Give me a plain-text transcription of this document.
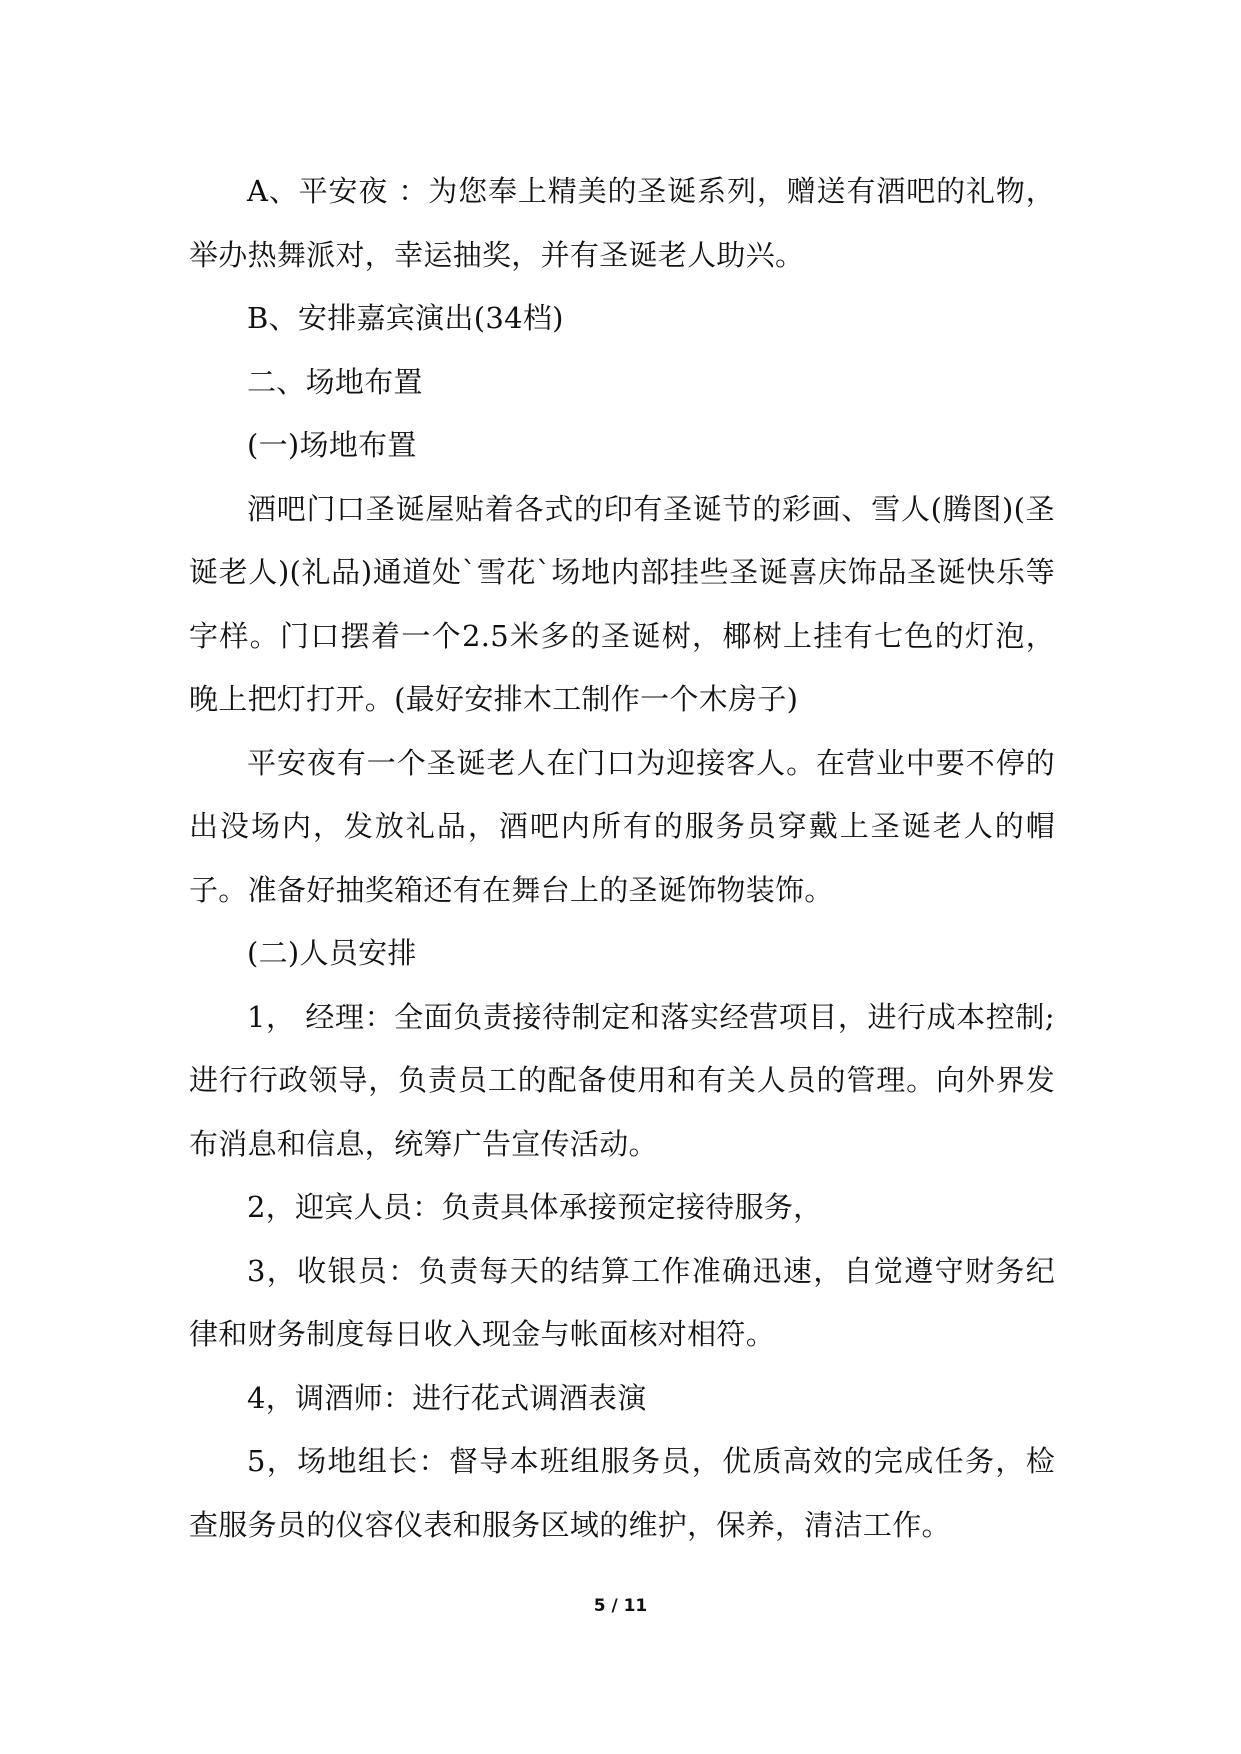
A、平安夜 ：为您奉上精美的圣诞系列，赠送有酒吧的礼物，举办热舞派对，幸运抽奖，并有圣诞老人助兴。

B、安排嘉宾演出(34档)

二、场地布置

(一)场地布置

酒吧门口圣诞屋贴着各式的印有圣诞节的彩画、雪人(腾图)(圣诞老人)(礼品)通道处`雪花`场地内部挂些圣诞喜庆饰品圣诞快乐等字样。门口摆着一个2.5米多的圣诞树，椰树上挂有七色的灯泡，晚上把灯打开。(最好安排木工制作一个木房子)

平安夜有一个圣诞老人在门口为迎接客人。在营业中要不停的出没场内，发放礼品，酒吧内所有的服务员穿戴上圣诞老人的帽子。准备好抽奖箱还有在舞台上的圣诞饰物装饰。

(二)人员安排

1， 经理：全面负责接待制定和落实经营项目，进行成本控制;进行行政领导，负责员工的配备使用和有关人员的管理。向外界发布消息和信息，统筹广告宣传活动。

2，迎宾人员：负责具体承接预定接待服务，

3，收银员：负责每天的结算工作准确迅速，自觉遵守财务纪律和财务制度每日收入现金与帐面核对相符。

4，调酒师：进行花式调酒表演

5，场地组长：督导本班组服务员，优质高效的完成任务，检查服务员的仪容仪表和服务区域的维护，保养，清洁工作。

5 / 11
